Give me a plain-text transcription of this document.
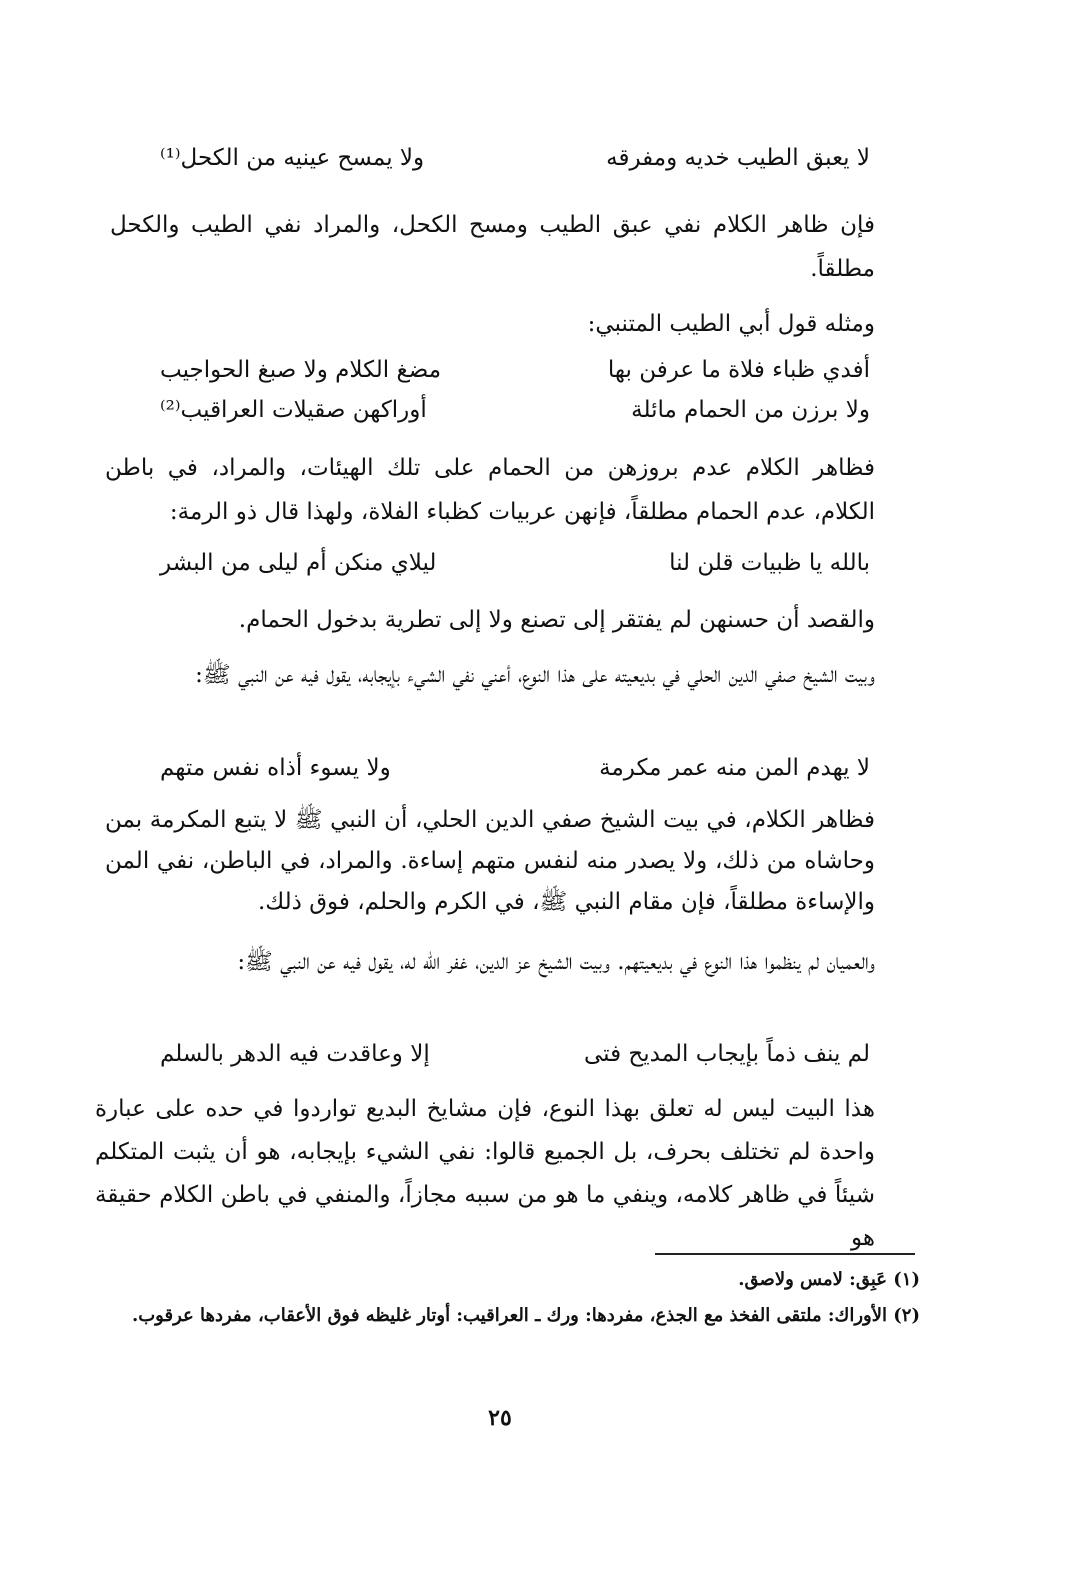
لا يعبق الطيب خديه ومفرقه
ولا يمسح عينيه من الكحل⁽¹⁾
فإن ظاهر الكلام نفي عبق الطيب ومسح الكحل، والمراد نفي الطيب والكحل مطلقاً.
ومثله قول أبي الطيب المتنبي:
أفدي ظباء فلاة ما عرفن بها
مضغ الكلام ولا صبغ الحواجيب
ولا برزن من الحمام مائلة
أوراكهن صقيلات العراقيب⁽²⁾
فظاهر الكلام عدم بروزهن من الحمام على تلك الهيئات، والمراد، في باطن الكلام، عدم الحمام مطلقاً، فإنهن عربيات كظباء الفلاة، ولهذا قال ذو الرمة:
بالله يا ظبيات قلن لنا
ليلاي منكن أم ليلى من البشر
والقصد أن حسنهن لم يفتقر إلى تصنع ولا إلى تطرية بدخول الحمام.
وبيت الشيخ صفي الدين الحلي في بديعيته على هذا النوع، أعني نفي الشيء بإيجابه، يقول فيه عن النبي ﷺ:
لا يهدم المن منه عمر مكرمة
ولا يسوء أذاه نفس متهم
فظاهر الكلام، في بيت الشيخ صفي الدين الحلي، أن النبي ﷺ لا يتبع المكرمة بمن وحاشاه من ذلك، ولا يصدر منه لنفس متهم إساءة. والمراد، في الباطن، نفي المن والإساءة مطلقاً، فإن مقام النبي ﷺ، في الكرم والحلم، فوق ذلك.
والعميان لم ينظموا هذا النوع في بديعيتهم. وبيت الشيخ عز الدين، غفر الله له، يقول فيه عن النبي ﷺ:
لم ينف ذماً بإيجاب المديح فتى
إلا وعاقدت فيه الدهر بالسلم
هذا البيت ليس له تعلق بهذا النوع، فإن مشايخ البديع تواردوا في حده على عبارة واحدة لم تختلف بحرف، بل الجميع قالوا: نفي الشيء بإيجابه، هو أن يثبت المتكلم شيئاً في ظاهر كلامه، وينفي ما هو من سببه مجازاً، والمنفي في باطن الكلام حقيقة هو
(١) عَبِق: لامس ولاصق.
(٢) الأوراك: ملتقى الفخذ مع الجذع، مفردها: ورك ـ العراقيب: أوتار غليظه فوق الأعقاب، مفردها عرقوب.
٢٥
